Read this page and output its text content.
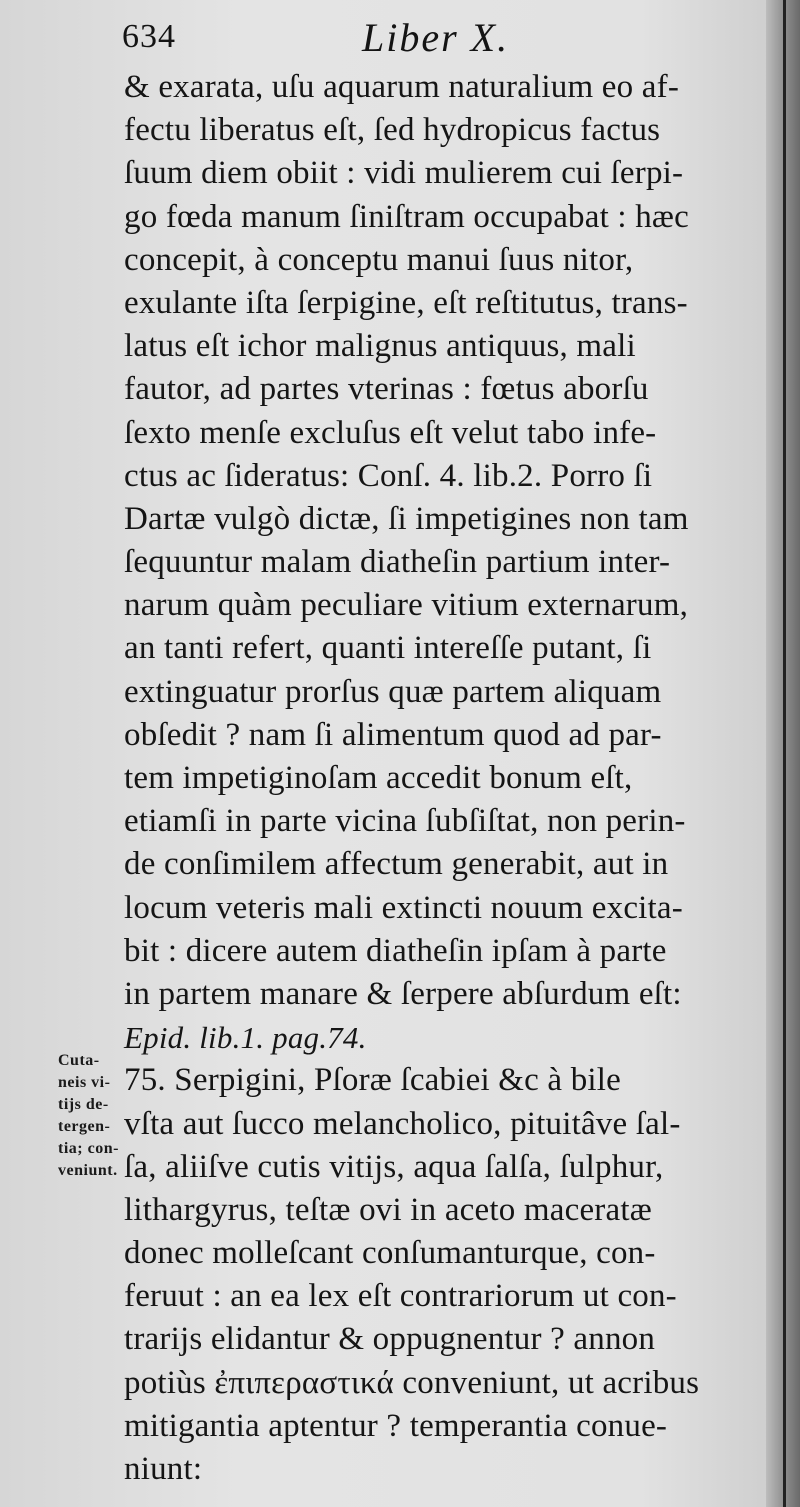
634	Liber X.
& exarata, uſu aquarum naturalium eo af-
fectu liberatus eſt, ſed hydropicus factus
ſuum diem obiit : vidi mulierem cui ſerpi-
go fœda manum ſiniſtram occupabat : hæc
concepit, à conceptu manui ſuus nitor,
exulante iſta ſerpigine, eſt reſtitutus, trans-
latus eſt ichor malignus antiquus, mali
fautor, ad partes vterinas : fœtus aborſu
ſexto menſe excluſus eſt velut tabo infe-
ctus ac ſideratus: Conſ. 4. lib.2. Porro ſi
Dartæ vulgò dictæ, ſi impetigines non tam
ſequuntur malam diatheſin partium inter-
narum quàm peculiare vitium externarum,
an tanti refert, quanti intereſſe putant, ſi
extinguatur prorſus quæ partem aliquam
obſedit ? nam ſi alimentum quod ad par-
tem impetiginoſam accedit bonum eſt,
etiamſi in parte vicina ſubſiſtat, non perin-
de conſimilem affectum generabit, aut in
locum veteris mali extincti nouum excita-
bit : dicere autem diatheſin ipſam à parte
in partem manare & ſerpere abſurdum eſt:
Epid. lib.1. pag.74.
75. Serpigini, Pſoræ ſcabiei &c à bile
vſta aut ſucco melancholico, pituitâve ſal-
ſa, aliiſve cutis vitijs, aqua ſalſa, ſulphur,
lithargyrus, teſtæ ovi in aceto maceratæ
donec molleſcant conſumanturque, con-
feruut : an ea lex eſt contrariorum ut con-
trarijs elidantur & oppugnentur ? annon
potiùs ἐπιπεραστικά conveniunt, ut acribus
mitigantia aptentur ? temperantia conue-
niunt:
Cuta-
neis vi-
tijs de-
tergen-
tia; con-
veniunt.
